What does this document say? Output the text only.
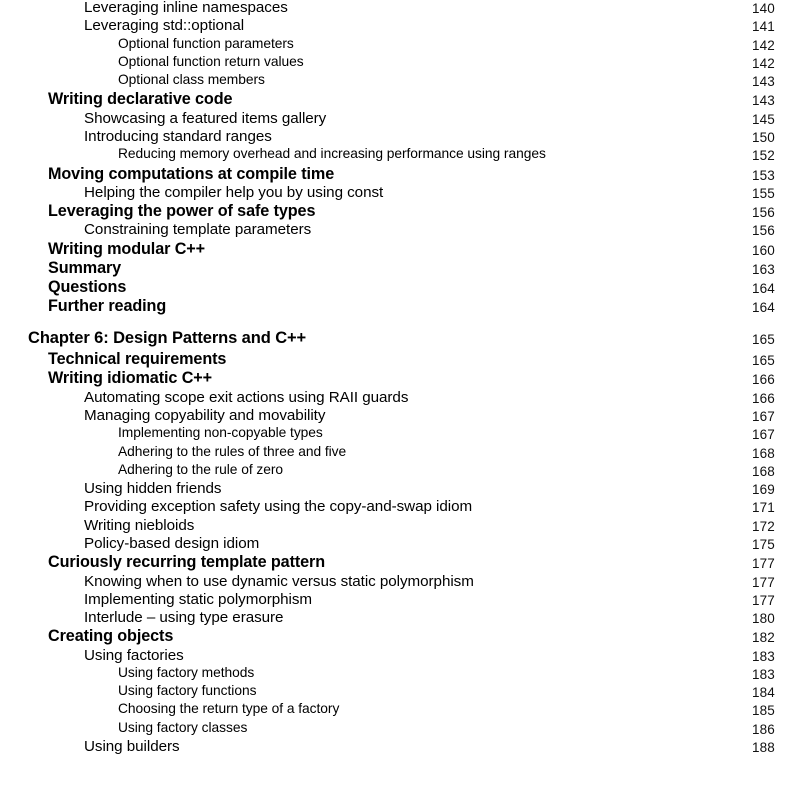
Leveraging inline namespaces	140
Leveraging std::optional	141
Optional function parameters	142
Optional function return values	142
Optional class members	143
Writing declarative code	143
Showcasing a featured items gallery	145
Introducing standard ranges	150
Reducing memory overhead and increasing performance using ranges	152
Moving computations at compile time	153
Helping the compiler help you by using const	155
Leveraging the power of safe types	156
Constraining template parameters	156
Writing modular C++	160
Summary	163
Questions	164
Further reading	164
Chapter 6: Design Patterns and C++	165
Technical requirements	165
Writing idiomatic C++	166
Automating scope exit actions using RAII guards	166
Managing copyability and movability	167
Implementing non-copyable types	167
Adhering to the rules of three and five	168
Adhering to the rule of zero	168
Using hidden friends	169
Providing exception safety using the copy-and-swap idiom	171
Writing niebloids	172
Policy-based design idiom	175
Curiously recurring template pattern	177
Knowing when to use dynamic versus static polymorphism	177
Implementing static polymorphism	177
Interlude – using type erasure	180
Creating objects	182
Using factories	183
Using factory methods	183
Using factory functions	184
Choosing the return type of a factory	185
Using factory classes	186
Using builders	188
